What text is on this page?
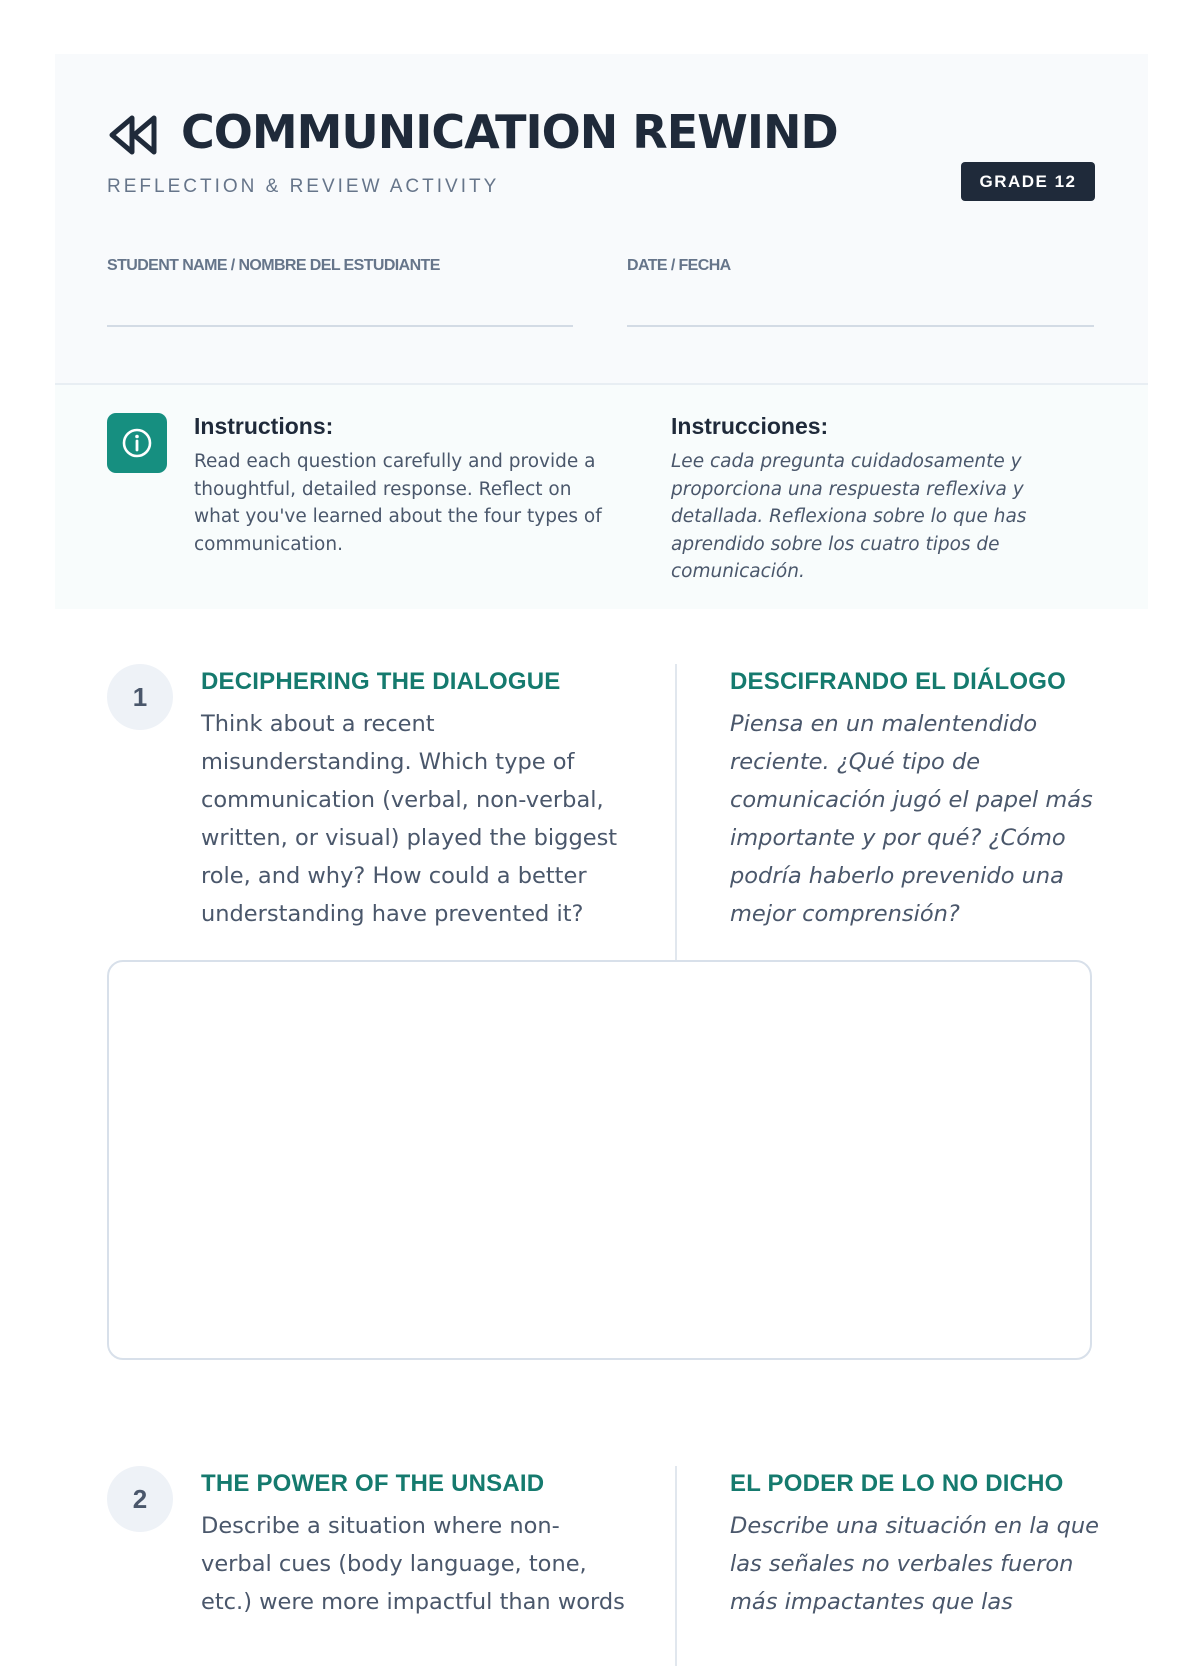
COMMUNICATION REWIND
REFLECTION & REVIEW ACTIVITY	GRADE 12
STUDENT NAME / NOMBRE DEL ESTUDIANTE	DATE / FECHA
Instructions:
Read each question carefully and provide a thoughtful, detailed response. Reflect on what you've learned about the four types of communication.
Instrucciones:
Lee cada pregunta cuidadosamente y proporciona una respuesta reflexiva y detallada. Reflexiona sobre lo que has aprendido sobre los cuatro tipos de comunicación.
1	DECIPHERING THE DIALOGUE
Think about a recent misunderstanding. Which type of communication (verbal, non-verbal, written, or visual) played the biggest role, and why? How could a better understanding have prevented it?
DESCIFRANDO EL DIÁLOGO
Piensa en un malentendido reciente. ¿Qué tipo de comunicación jugó el papel más importante y por qué? ¿Cómo podría haberlo prevenido una mejor comprensión?
2	THE POWER OF THE UNSAID
Describe a situation where non-verbal cues (body language, tone, etc.) were more impactful than words
EL PODER DE LO NO DICHO
Describe una situación en la que las señales no verbales fueron más impactantes que las
